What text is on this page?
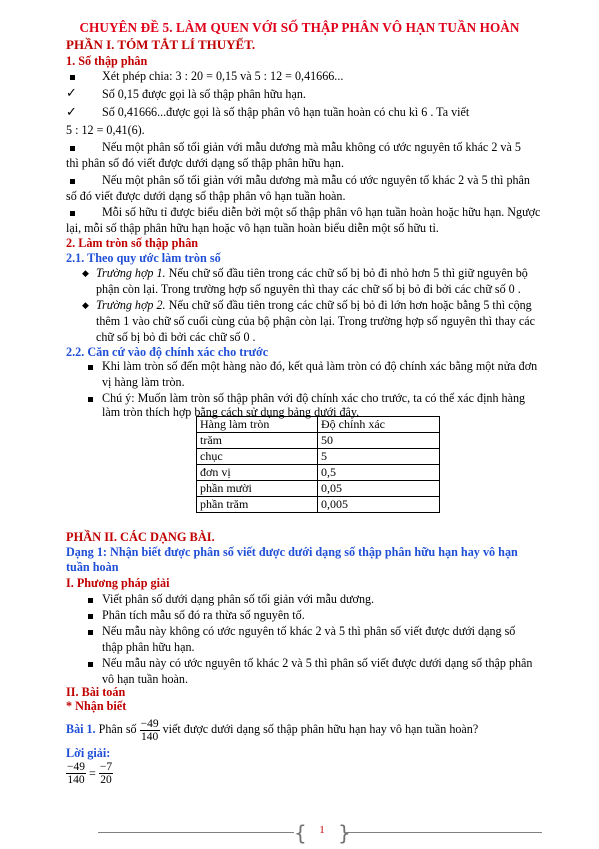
CHUYÊN ĐỀ 5. LÀM QUEN VỚI SỐ THẬP PHÂN VÔ HẠN TUẦN HOÀN
PHẦN I. TÓM TẮT LÍ THUYẾT.
1. Số thập phân
Xét phép chia: 3 : 20 = 0,15 và 5 : 12 = 0,41666...
✓ Số 0,15 được gọi là số thập phân hữu hạn.
✓ Số 0,41666...được gọi là số thập phân vô hạn tuần hoàn có chu kì 6 . Ta viết
5 : 12 = 0,41(6).
Nếu một phân số tối giản với mẫu dương mà mẫu không có ước nguyên tố khác 2 và 5
thì phân số đó viết được dưới dạng số thập phân hữu hạn.
Nếu một phân số tối giản với mẫu dương mà mẫu có ước nguyên tố khác 2 và 5 thì phân
số đó viết được dưới dạng số thập phân vô hạn tuần hoàn.
Mỗi số hữu tỉ được biểu diễn bởi một số thập phân vô hạn tuần hoàn hoặc hữu hạn. Ngược
lại, mỗi số thập phân hữu hạn hoặc vô hạn tuần hoàn biểu diễn một số hữu tỉ.
2. Làm tròn số thập phân
2.1. Theo quy ước làm tròn số
◆ Trường hợp 1. Nếu chữ số đầu tiên trong các chữ số bị bỏ đi nhỏ hơn 5 thì giữ nguyên bộ
phận còn lại. Trong trường hợp số nguyên thì thay các chữ số bị bỏ đi bởi các chữ số 0 .
◆ Trường hợp 2. Nếu chữ số đầu tiên trong các chữ số bị bỏ đi lớn hơn hoặc bằng 5 thì cộng
thêm 1 vào chữ số cuối cùng của bộ phận còn lại. Trong trường hợp số nguyên thì thay các
chữ số bị bỏ đi bởi các chữ số 0 .
2.2. Căn cứ vào độ chính xác cho trước
Khi làm tròn số đến một hàng nào đó, kết quả làm tròn có độ chính xác bằng một nửa đơn
vị hàng làm tròn.
Chú ý: Muốn làm tròn số thập phân với độ chính xác cho trước, ta có thể xác định hàng
làm tròn thích hợp bằng cách sử dụng bảng dưới đây.
Hàng làm tròn	Độ chính xác
trăm	50
chục	5
đơn vị	0,5
phần mười	0,05
phần trăm	0,005
PHẦN II. CÁC DẠNG BÀI.
Dạng 1: Nhận biết được phân số viết được dưới dạng số thập phân hữu hạn hay vô hạn
tuần hoàn
I. Phương pháp giải
Viết phân số dưới dạng phân số tối giản với mẫu dương.
Phân tích mẫu số đó ra thừa số nguyên tố.
Nếu mẫu này không có ước nguyên tố khác 2 và 5 thì phân số viết được dưới dạng số
thập phân hữu hạn.
Nếu mẫu này có ước nguyên tố khác 2 và 5 thì phân số viết được dưới dạng số thập phân
vô hạn tuần hoàn.
II. Bài toán
* Nhận biết
Bài 1. Phân số $\frac{-49}{140}$ viết được dưới dạng số thập phân hữu hạn hay vô hạn tuần hoàn?
Lời giải:
$\frac{-49}{140} = \frac{-7}{20}$
{ }
1
